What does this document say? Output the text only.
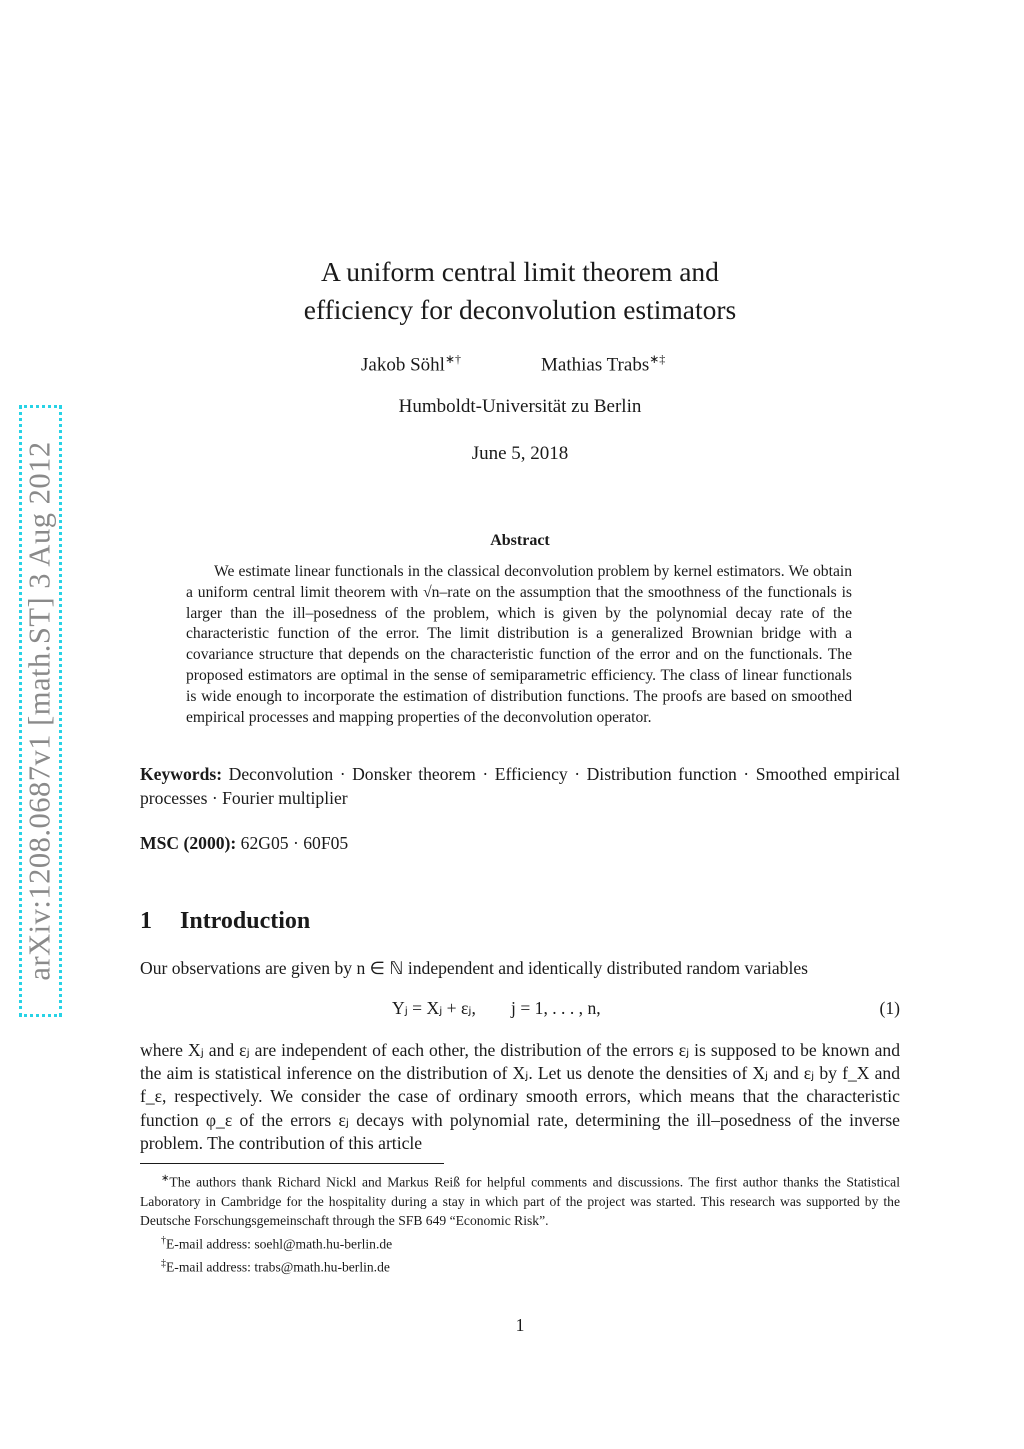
arXiv:1208.0687v1 [math.ST] 3 Aug 2012
A uniform central limit theorem and
efficiency for deconvolution estimators
Jakob Söhl∗†	Mathias Trabs∗‡
Humboldt-Universität zu Berlin
June 5, 2018
Abstract

We estimate linear functionals in the classical deconvolution problem by kernel estimators. We obtain a uniform central limit theorem with √n–rate on the assumption that the smoothness of the functionals is larger than the ill–posedness of the problem, which is given by the polynomial decay rate of the characteristic function of the error. The limit distribution is a generalized Brownian bridge with a covariance structure that depends on the characteristic function of the error and on the functionals. The proposed estimators are optimal in the sense of semiparametric efficiency. The class of linear functionals is wide enough to incorporate the estimation of distribution functions. The proofs are based on smoothed empirical processes and mapping properties of the deconvolution operator.

Keywords: Deconvolution · Donsker theorem · Efficiency · Distribution function · Smoothed empirical processes · Fourier multiplier
MSC (2000): 62G05 · 60F05
1 Introduction

Our observations are given by n ∈ ℕ independent and identically distributed random variables

Yⱼ = Xⱼ + εⱼ,        j = 1, . . . , n,	(1)

where Xⱼ and εⱼ are independent of each other, the distribution of the errors εⱼ is supposed to be known and the aim is statistical inference on the distribution of Xⱼ. Let us denote the densities of Xⱼ and εⱼ by f_X and f_ε, respectively. We consider the case of ordinary smooth errors, which means that the characteristic function φ_ε of the errors εⱼ decays with polynomial rate, determining the ill–posedness of the inverse problem. The contribution of this article

∗The authors thank Richard Nickl and Markus Reiß for helpful comments and discussions. The first author thanks the Statistical Laboratory in Cambridge for the hospitality during a stay in which part of the project was started. This research was supported by the Deutsche Forschungsgemeinschaft through the SFB 649 “Economic Risk”.

†E-mail address: soehl@math.hu-berlin.de

‡E-mail address: trabs@math.hu-berlin.de

1
